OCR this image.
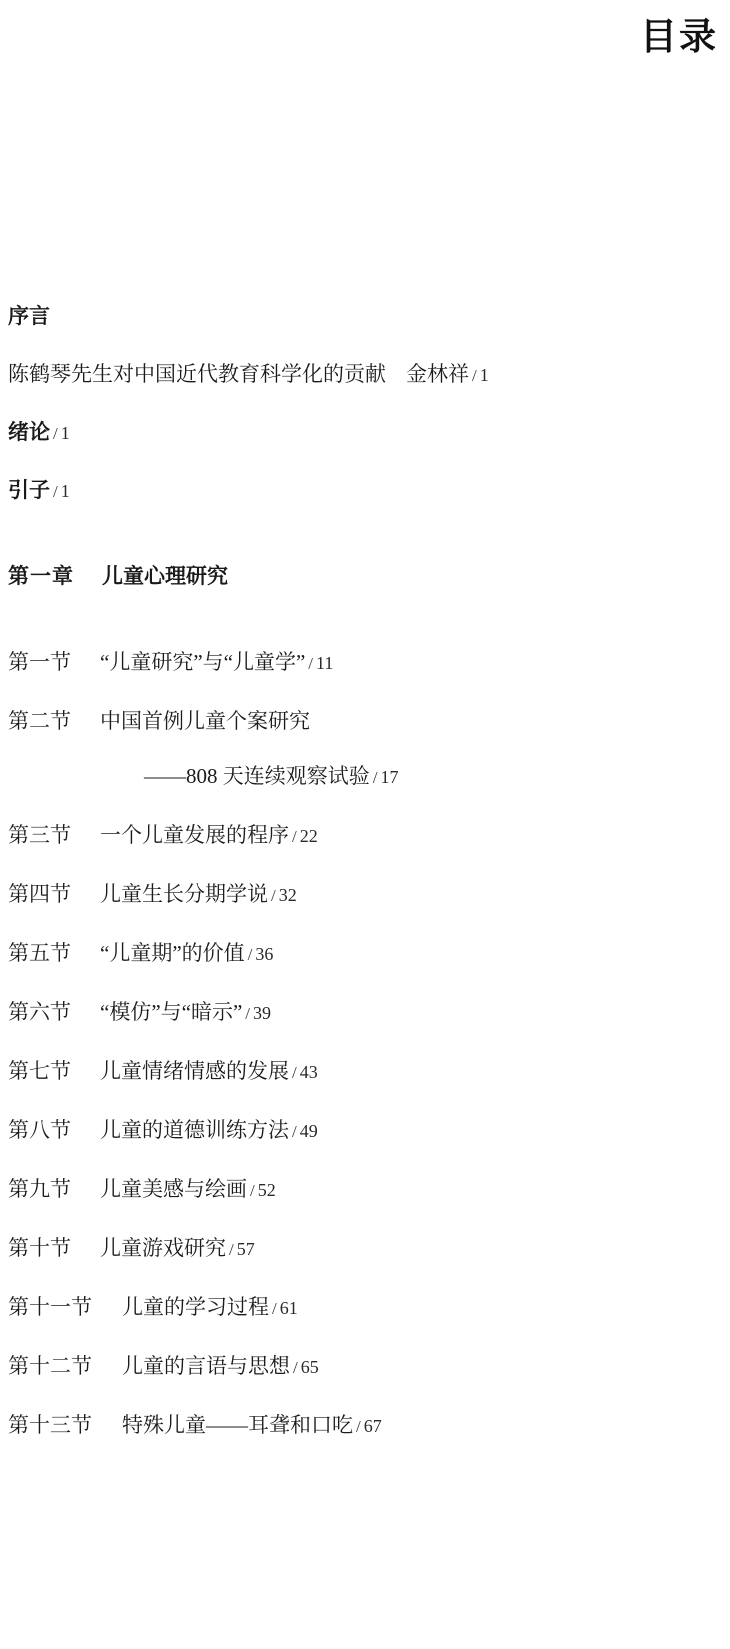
目录
序言
陈鹤琴先生对中国近代教育科学化的贡献 金林祥 / 1
绪论 / 1
引子 / 1
第一章 儿童心理研究
第一节 “儿童研究”与“儿童学” / 11
第二节 中国首例儿童个案研究
——808 天连续观察试验 / 17
第三节 一个儿童发展的程序 / 22
第四节 儿童生长分期学说 / 32
第五节 “儿童期”的价值 / 36
第六节 “模仿”与“暗示” / 39
第七节 儿童情绪情感的发展 / 43
第八节 儿童的道德训练方法 / 49
第九节 儿童美感与绘画 / 52
第十节 儿童游戏研究 / 57
第十一节 儿童的学习过程 / 61
第十二节 儿童的言语与思想 / 65
第十三节 特殊儿童——耳聋和口吃 / 67
